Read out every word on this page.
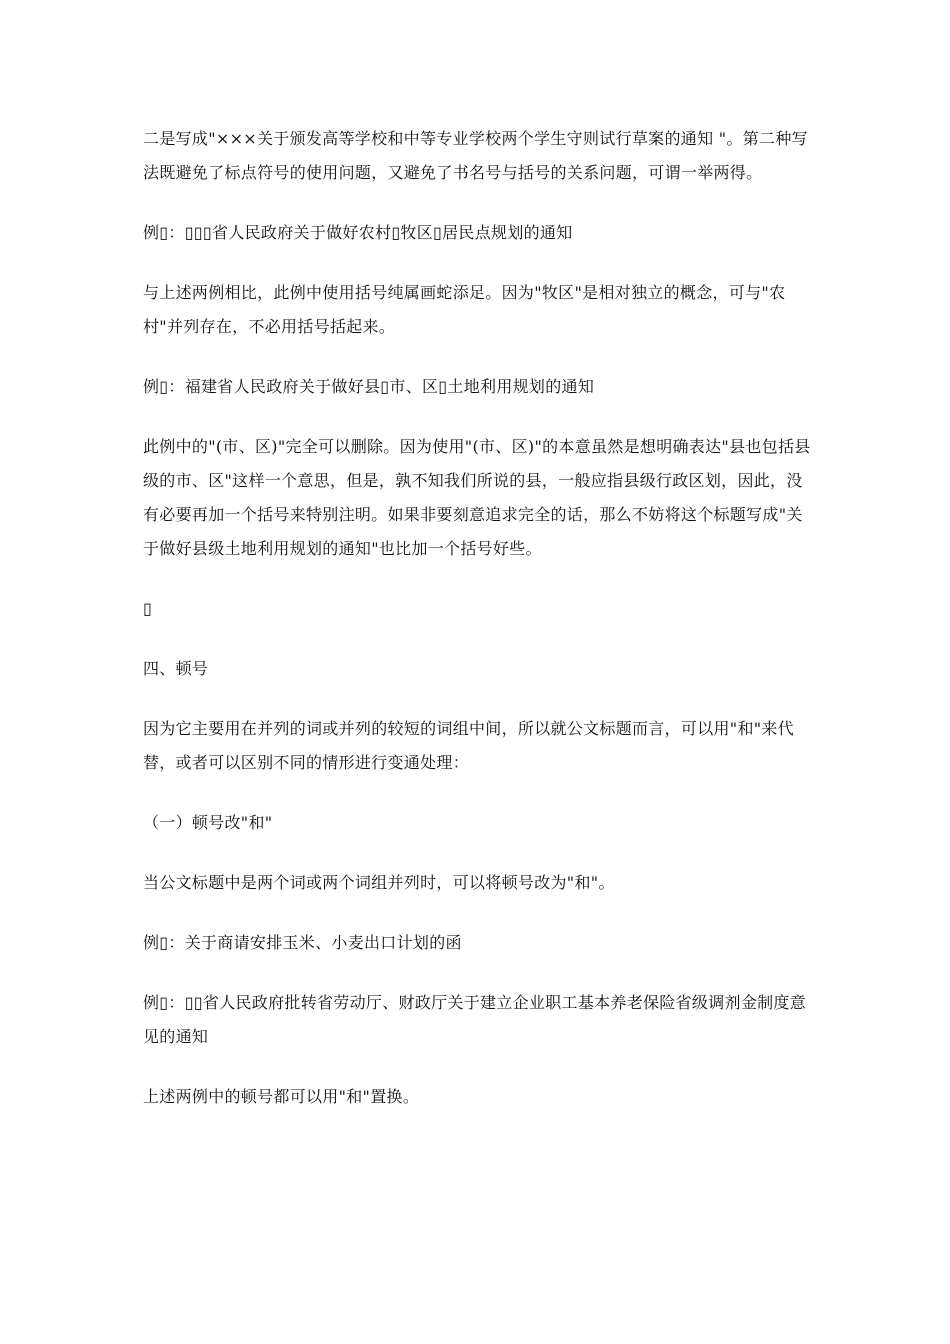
二是写成"×××关于颁发高等学校和中等专业学校两个学生守则试行草案的通知 "。第二种写法既避免了标点符号的使用问题，又避免了书名号与括号的关系问题，可谓一举两得。

例▯：▯▯▯省人民政府关于做好农村▯牧区▯居民点规划的通知

与上述两例相比，此例中使用括号纯属画蛇添足。因为"牧区"是相对独立的概念，可与"农村"并列存在，不必用括号括起来。

例▯：福建省人民政府关于做好县▯市、区▯土地利用规划的通知

此例中的"(市、区)"完全可以删除。因为使用"(市、区)"的本意虽然是想明确表达"县也包括县级的市、区"这样一个意思，但是，孰不知我们所说的县，一般应指县级行政区划，因此，没有必要再加一个括号来特别注明。如果非要刻意追求完全的话，那么不妨将这个标题写成"关于做好县级土地利用规划的通知"也比加一个括号好些。

▯

四、顿号

因为它主要用在并列的词或并列的较短的词组中间，所以就公文标题而言，可以用"和"来代替，或者可以区别不同的情形进行变通处理：

（一）顿号改"和"

当公文标题中是两个词或两个词组并列时，可以将顿号改为"和"。

例▯：关于商请安排玉米、小麦出口计划的函

例▯：▯▯省人民政府批转省劳动厅、财政厅关于建立企业职工基本养老保险省级调剂金制度意见的通知

上述两例中的顿号都可以用"和"置换。
